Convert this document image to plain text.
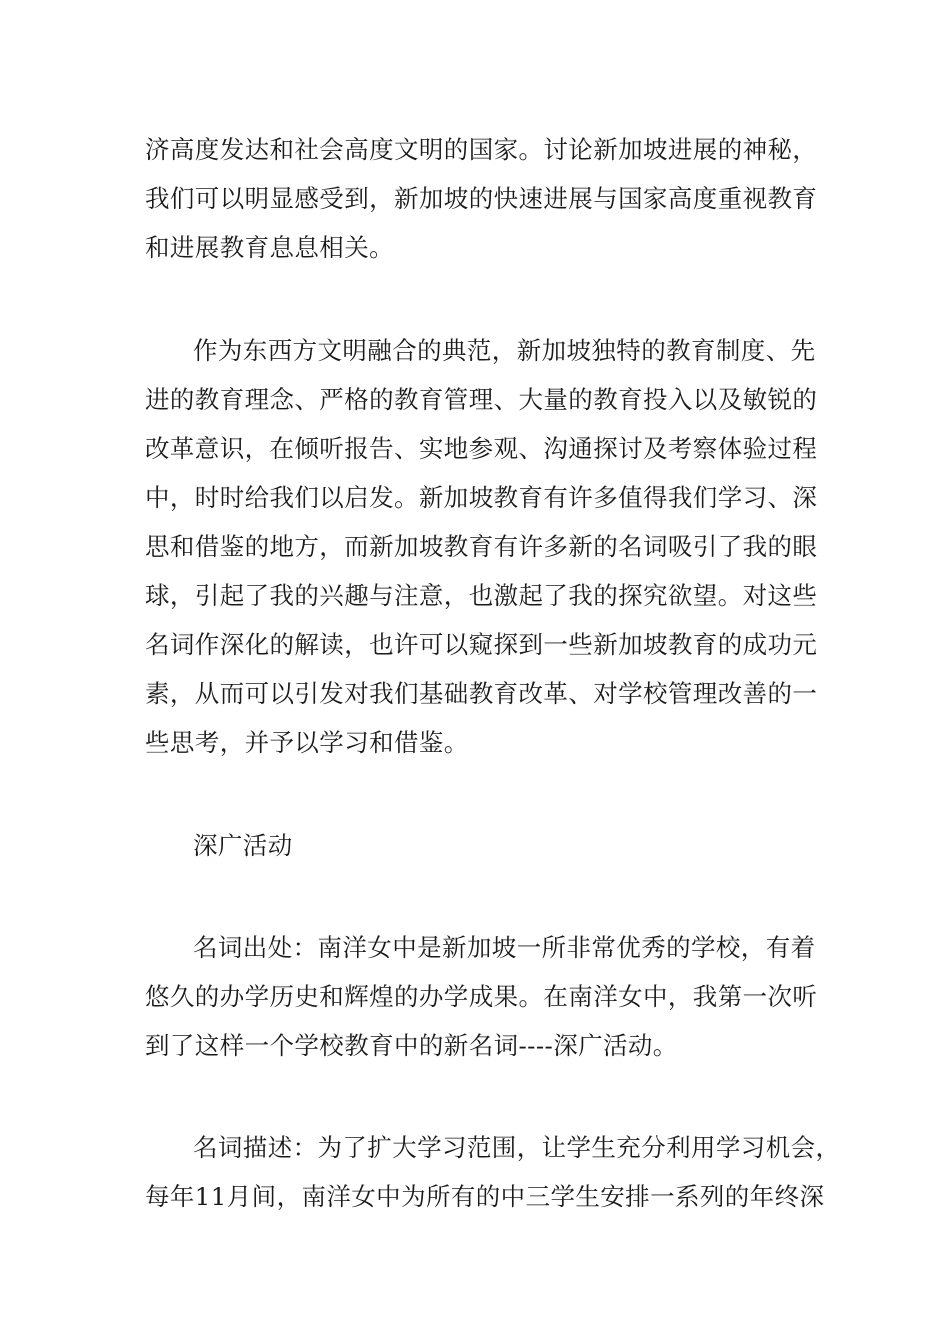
济高度发达和社会高度文明的国家。讨论新加坡进展的神秘，
我们可以明显感受到，新加坡的快速进展与国家高度重视教育
和进展教育息息相关。
作为东西方文明融合的典范，新加坡独特的教育制度、先
进的教育理念、严格的教育管理、大量的教育投入以及敏锐的
改革意识，在倾听报告、实地参观、沟通探讨及考察体验过程
中，时时给我们以启发。新加坡教育有许多值得我们学习、深
思和借鉴的地方，而新加坡教育有许多新的名词吸引了我的眼
球，引起了我的兴趣与注意，也激起了我的探究欲望。对这些
名词作深化的解读，也许可以窥探到一些新加坡教育的成功元
素，从而可以引发对我们基础教育改革、对学校管理改善的一
些思考，并予以学习和借鉴。
深广活动
名词出处：南洋女中是新加坡一所非常优秀的学校，有着
悠久的办学历史和辉煌的办学成果。在南洋女中，我第一次听
到了这样一个学校教育中的新名词----深广活动。
名词描述：为了扩大学习范围，让学生充分利用学习机会，
每年11月间，南洋女中为所有的中三学生安排一系列的年终深
